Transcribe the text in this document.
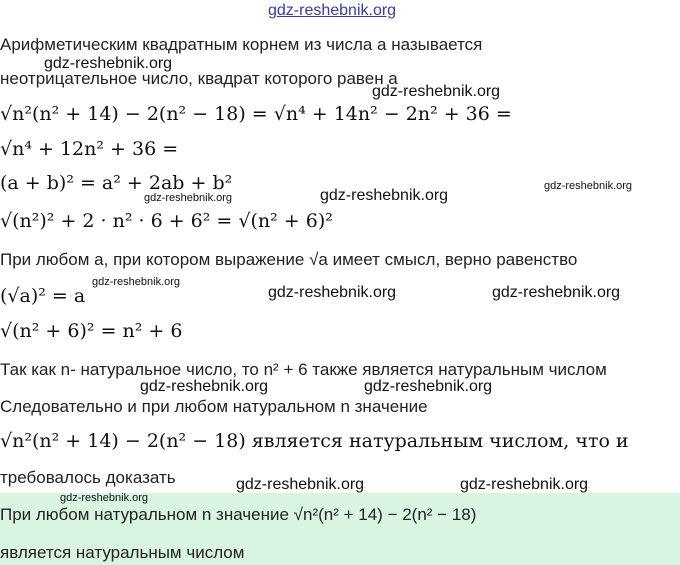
gdz-reshebnik.org
Арифметическим квадратным корнем из числа a называется
gdz-reshebnik.org
неотрицательное число, квадрат которого равен a
gdz-reshebnik.org
√n²(n² + 14) − 2(n² − 18) = √n⁴ + 14n² − 2n² + 36 =
√n⁴ + 12n² + 36 =
(a + b)² = a² + 2ab + b²	gdz-reshebnik.org
gdz-reshebnik.org
gdz-reshebnik.org
√(n²)² + 2 · n² · 6 + 6² = √(n² + 6)²
При любом a, при котором выражение √a имеет смысл, верно равенство
gdz-reshebnik.org
(√a)² = a	gdz-reshebnik.org	gdz-reshebnik.org
√(n² + 6)² = n² + 6
Так как n- натуральное число, то n² + 6 также является натуральным числом
gdz-reshebnik.org	gdz-reshebnik.org
Следовательно и при любом натуральном n значение
√n²(n² + 14) − 2(n² − 18) является натуральным числом, что и
требовалось доказать	gdz-reshebnik.org	gdz-reshebnik.org
gdz-reshebnik.org
При любом натуральном n значение √n²(n² + 14) − 2(n² − 18)
является натуральным числом
